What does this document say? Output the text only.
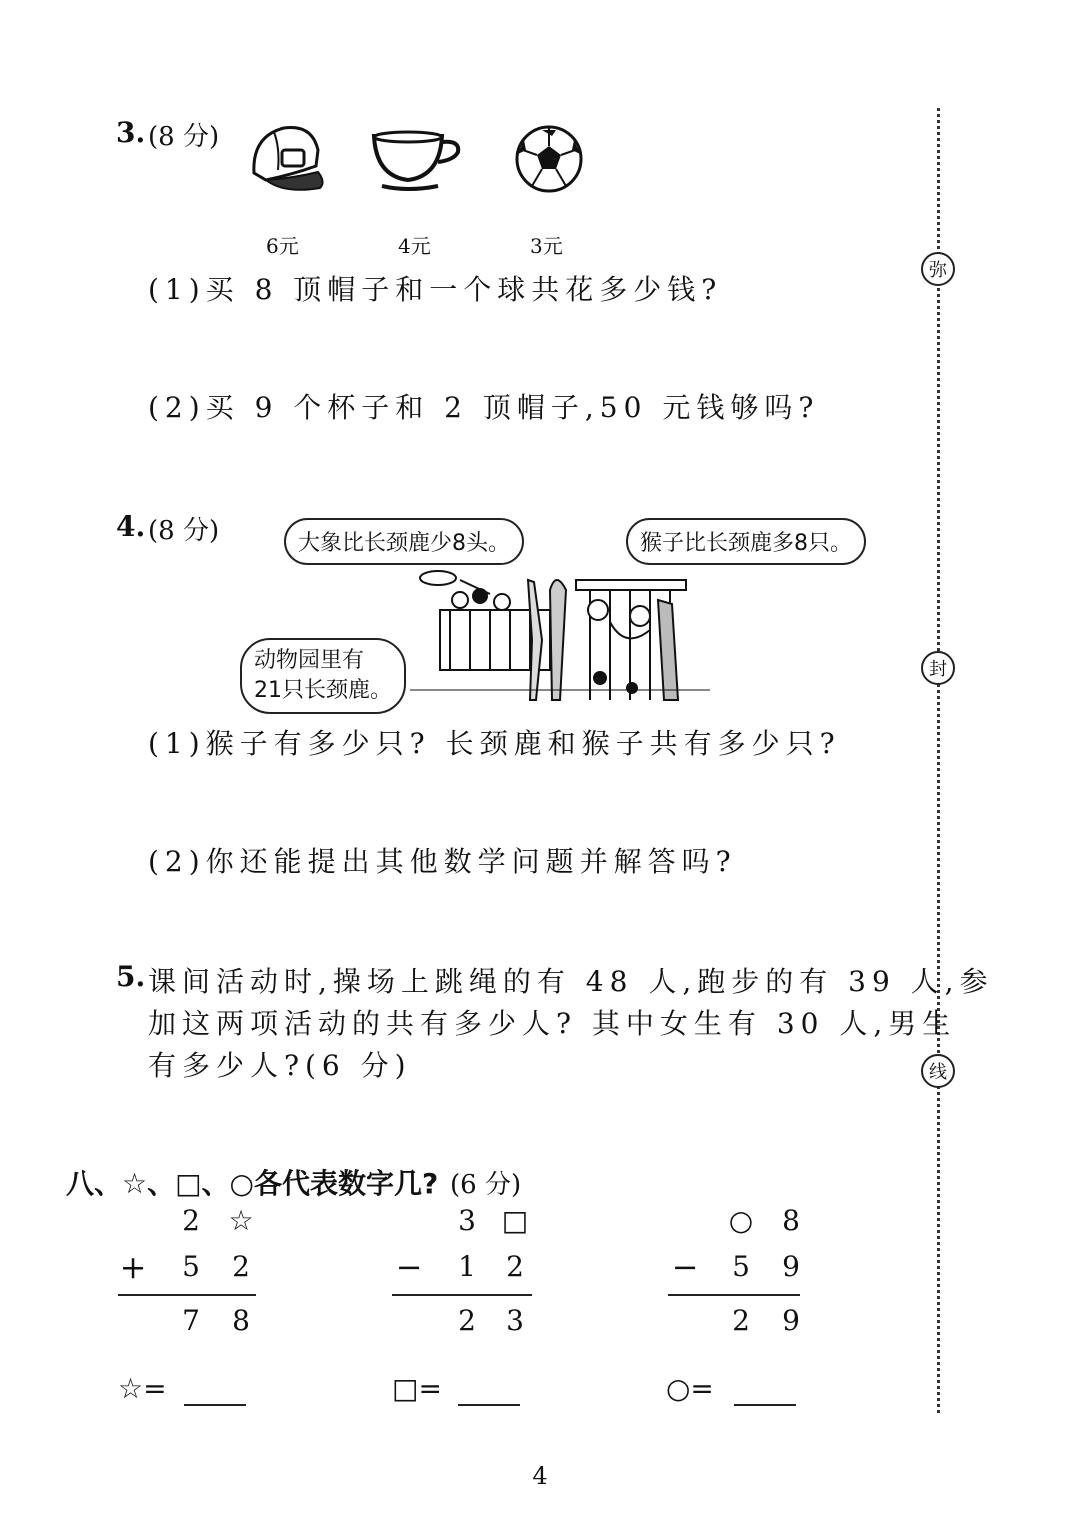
弥
封
线
3. (8 分)
6元	4元	3元
(1)买 8 顶帽子和一个球共花多少钱?
(2)买 9 个杯子和 2 顶帽子,50 元钱够吗?
4. (8 分)	大象比长颈鹿少8头。	猴子比长颈鹿多8只。
动物园里有
21只长颈鹿。
(1)猴子有多少只? 长颈鹿和猴子共有多少只?
(2)你还能提出其他数学问题并解答吗?
5. 课间活动时,操场上跳绳的有 48 人,跑步的有 39 人,参
加这两项活动的共有多少人? 其中女生有 30 人,男生
有多少人?(6 分)
八、☆、□、○各代表数字几? (6 分)
2 ☆
+ 5 2
7 8
☆=
3 □
− 1 2
2 3
□=
○ 8
− 5 9
2 9
○=
4
